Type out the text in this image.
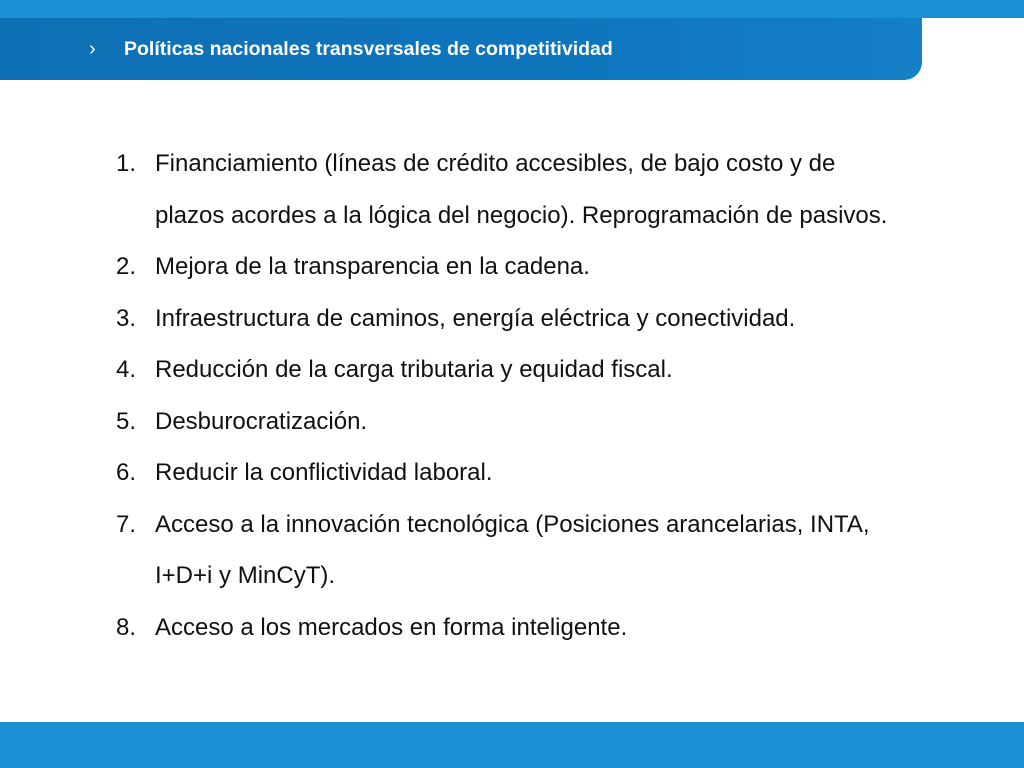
› Políticas nacionales transversales de competitividad
1. Financiamiento (líneas de crédito accesibles, de bajo costo y de
plazos acordes a la lógica del negocio). Reprogramación de pasivos.
2. Mejora de la transparencia en la cadena.
3. Infraestructura de caminos, energía eléctrica y conectividad.
4. Reducción de la carga tributaria y equidad fiscal.
5. Desburocratización.
6. Reducir la conflictividad laboral.
7. Acceso a la innovación tecnológica (Posiciones arancelarias, INTA,
I+D+i y MinCyT).
8. Acceso a los mercados en forma inteligente.
